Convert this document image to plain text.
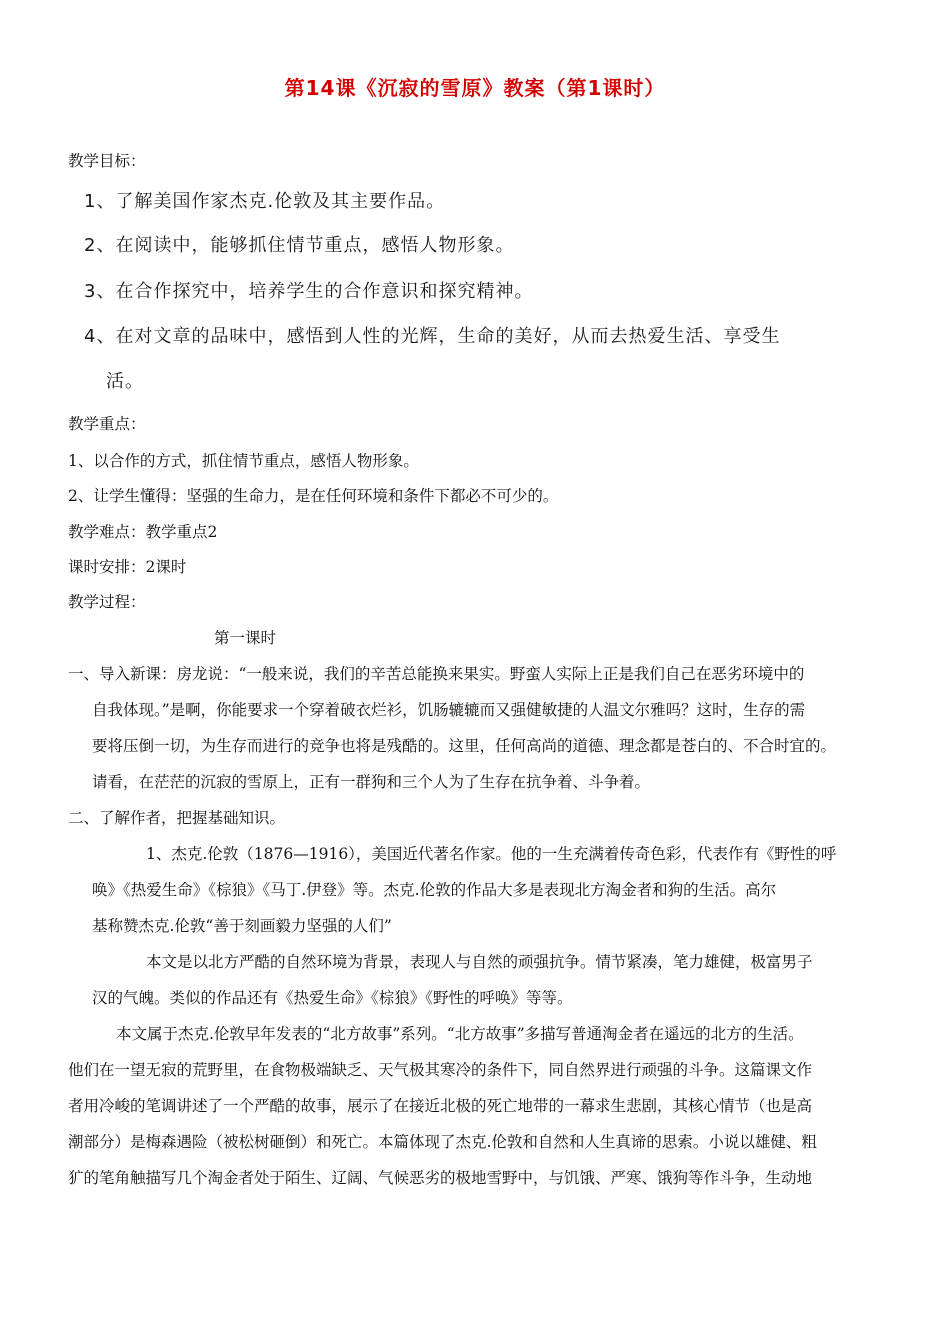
第14课《沉寂的雪原》教案（第1课时）
教学目标：
1、了解美国作家杰克.伦敦及其主要作品。
2、在阅读中，能够抓住情节重点，感悟人物形象。
3、在合作探究中，培养学生的合作意识和探究精神。
4、在对文章的品味中，感悟到人性的光辉，生命的美好，从而去热爱生活、享受生
活。
教学重点：
1、以合作的方式，抓住情节重点，感悟人物形象。
2、让学生懂得：坚强的生命力，是在任何环境和条件下都必不可少的。
教学难点：教学重点2
课时安排：2课时
教学过程：
第一课时
一、导入新课：房龙说：“一般来说，我们的辛苦总能换来果实。野蛮人实际上正是我们自己在恶劣环境中的
自我体现。”是啊，你能要求一个穿着破衣烂衫，饥肠辘辘而又强健敏捷的人温文尔雅吗？这时，生存的需
要将压倒一切，为生存而进行的竞争也将是残酷的。这里，任何高尚的道德、理念都是苍白的、不合时宜的。
请看，在茫茫的沉寂的雪原上，正有一群狗和三个人为了生存在抗争着、斗争着。
二、了解作者，把握基础知识。
1、杰克.伦敦（1876—1916），美国近代著名作家。他的一生充满着传奇色彩，代表作有《野性的呼
唤》《热爱生命》《棕狼》《马丁.伊登》等。杰克.伦敦的作品大多是表现北方淘金者和狗的生活。高尔
基称赞杰克.伦敦“善于刻画毅力坚强的人们”
本文是以北方严酷的自然环境为背景，表现人与自然的顽强抗争。情节紧凑，笔力雄健，极富男子
汉的气魄。类似的作品还有《热爱生命》《棕狼》《野性的呼唤》等等。
本文属于杰克.伦敦早年发表的“北方故事”系列。“北方故事”多描写普通淘金者在遥远的北方的生活。
他们在一望无寂的荒野里，在食物极端缺乏、天气极其寒冷的条件下，同自然界进行顽强的斗争。这篇课文作
者用冷峻的笔调讲述了一个严酷的故事，展示了在接近北极的死亡地带的一幕求生悲剧，其核心情节（也是高
潮部分）是梅森遇险（被松树砸倒）和死亡。本篇体现了杰克.伦敦和自然和人生真谛的思索。小说以雄健、粗
犷的笔角触描写几个淘金者处于陌生、辽阔、气候恶劣的极地雪野中，与饥饿、严寒、饿狗等作斗争，生动地
